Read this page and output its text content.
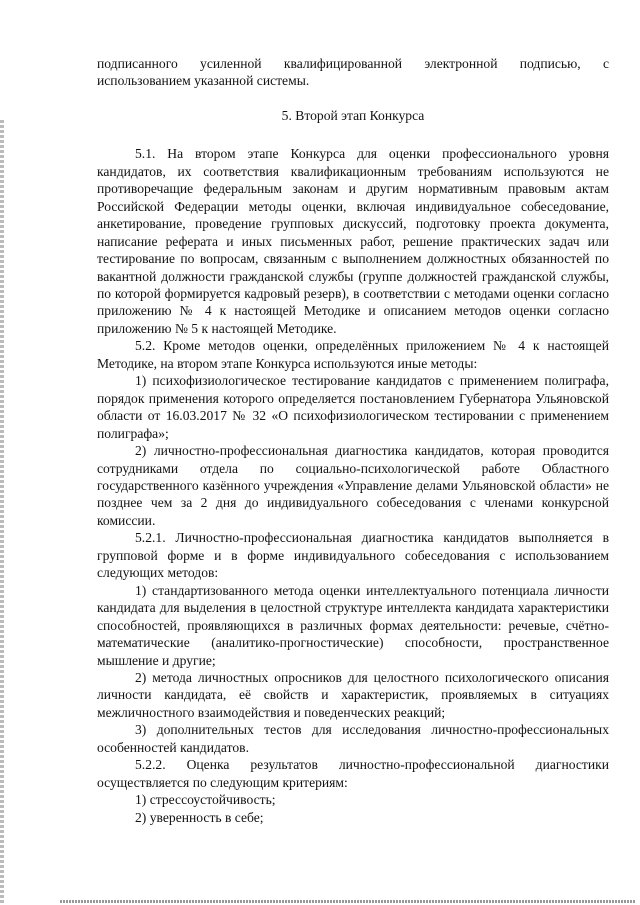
подписанного усиленной квалифицированной электронной подписью, с использованием указанной системы.

5. Второй этап Конкурса

5.1. На втором этапе Конкурса для оценки профессионального уровня кандидатов, их соответствия квалификационным требованиям используются не противоречащие федеральным законам и другим нормативным правовым актам Российской Федерации методы оценки, включая индивидуальное собеседование, анкетирование, проведение групповых дискуссий, подготовку проекта документа, написание реферата и иных письменных работ, решение практических задач или тестирование по вопросам, связанным с выполнением должностных обязанностей по вакантной должности гражданской службы (группе должностей гражданской службы, по которой формируется кадровый резерв), в соответствии с методами оценки согласно приложению № 4 к настоящей Методике и описанием методов оценки согласно приложению № 5 к настоящей Методике.

5.2. Кроме методов оценки, определённых приложением № 4 к настоящей Методике, на втором этапе Конкурса используются иные методы:

1) психофизиологическое тестирование кандидатов с применением полиграфа, порядок применения которого определяется постановлением Губернатора Ульяновской области от 16.03.2017 № 32 «О психофизиологическом тестировании с применением полиграфа»;

2) личностно-профессиональная диагностика кандидатов, которая проводится сотрудниками отдела по социально-психологической работе Областного государственного казённого учреждения «Управление делами Ульяновской области» не позднее чем за 2 дня до индивидуального собеседования с членами конкурсной комиссии.

5.2.1. Личностно-профессиональная диагностика кандидатов выполняется в групповой форме и в форме индивидуального собеседования с использованием следующих методов:

1) стандартизованного метода оценки интеллектуального потенциала личности кандидата для выделения в целостной структуре интеллекта кандидата характеристики способностей, проявляющихся в различных формах деятельности: речевые, счётно-математические (аналитико-прогностические) способности, пространственное мышление и другие;

2) метода личностных опросников для целостного психологического описания личности кандидата, её свойств и характеристик, проявляемых в ситуациях межличностного взаимодействия и поведенческих реакций;

3) дополнительных тестов для исследования личностно-профессиональных особенностей кандидатов.

5.2.2. Оценка результатов личностно-профессиональной диагностики осуществляется по следующим критериям:

1) стрессоустойчивость;

2) уверенность в себе;
